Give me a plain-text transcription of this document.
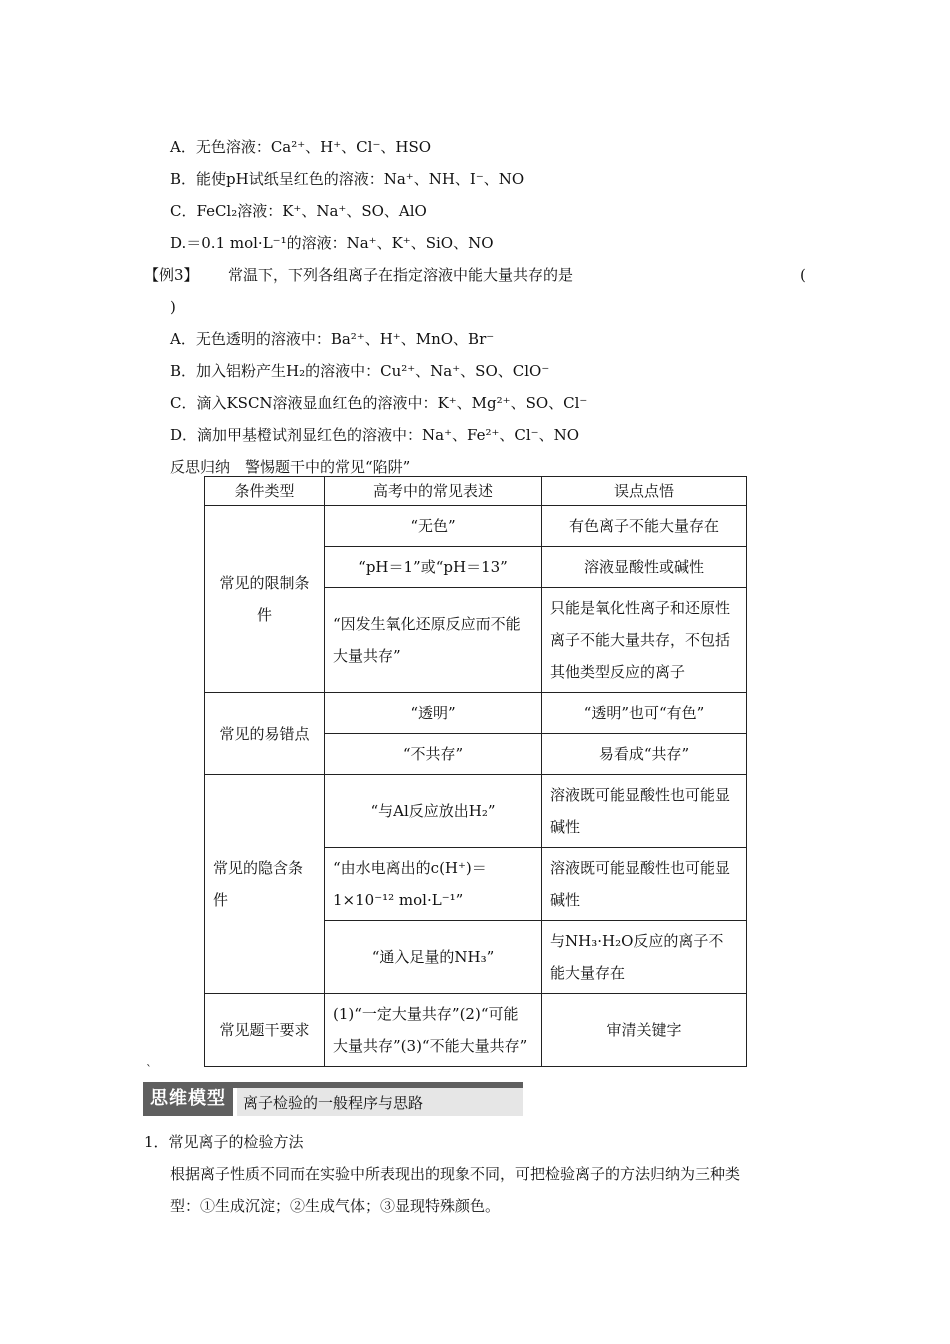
A．无色溶液：Ca²⁺、H⁺、Cl⁻、HSO
B．能使pH试纸呈红色的溶液：Na⁺、NH、I⁻、NO
C．FeCl₂溶液：K⁺、Na⁺、SO、AlO
D.＝0.1 mol·L⁻¹的溶液：Na⁺、K⁺、SiO、NO
【例3】 常温下，下列各组离子在指定溶液中能大量共存的是	(
)
A．无色透明的溶液中：Ba²⁺、H⁺、MnO、Br⁻
B．加入铝粉产生H₂的溶液中：Cu²⁺、Na⁺、SO、ClO⁻
C．滴入KSCN溶液显血红色的溶液中：K⁺、Mg²⁺、SO、Cl⁻
D．滴加甲基橙试剂显红色的溶液中：Na⁺、Fe²⁺、Cl⁻、NO
反思归纳　警惕题干中的常见“陷阱”
条件类型	高考中的常见表述	误点点悟
常见的限制条件	“无色”	有色离子不能大量存在
	“pH＝1”或“pH＝13”	溶液显酸性或碱性
	“因发生氧化还原反应而不能大量共存”	只能是氧化性离子和还原性离子不能大量共存，不包括其他类型反应的离子
常见的易错点	“透明”	“透明”也可“有色”
	“不共存”	易看成“共存”
常见的隐含条件	“与Al反应放出H₂”	溶液既可能显酸性也可能显碱性
	“由水电离出的c(H⁺)＝1×10⁻¹² mol·L⁻¹”	溶液既可能显酸性也可能显碱性
	“通入足量的NH₃”	与NH₃·H₂O反应的离子不能大量存在
常见题干要求	(1)“一定大量共存”(2)“可能大量共存”(3)“不能大量共存”	审清关键字
`
思维模型	离子检验的一般程序与思路
1．常见离子的检验方法
根据离子性质不同而在实验中所表现出的现象不同，可把检验离子的方法归纳为三种类
型：①生成沉淀；②生成气体；③显现特殊颜色。
